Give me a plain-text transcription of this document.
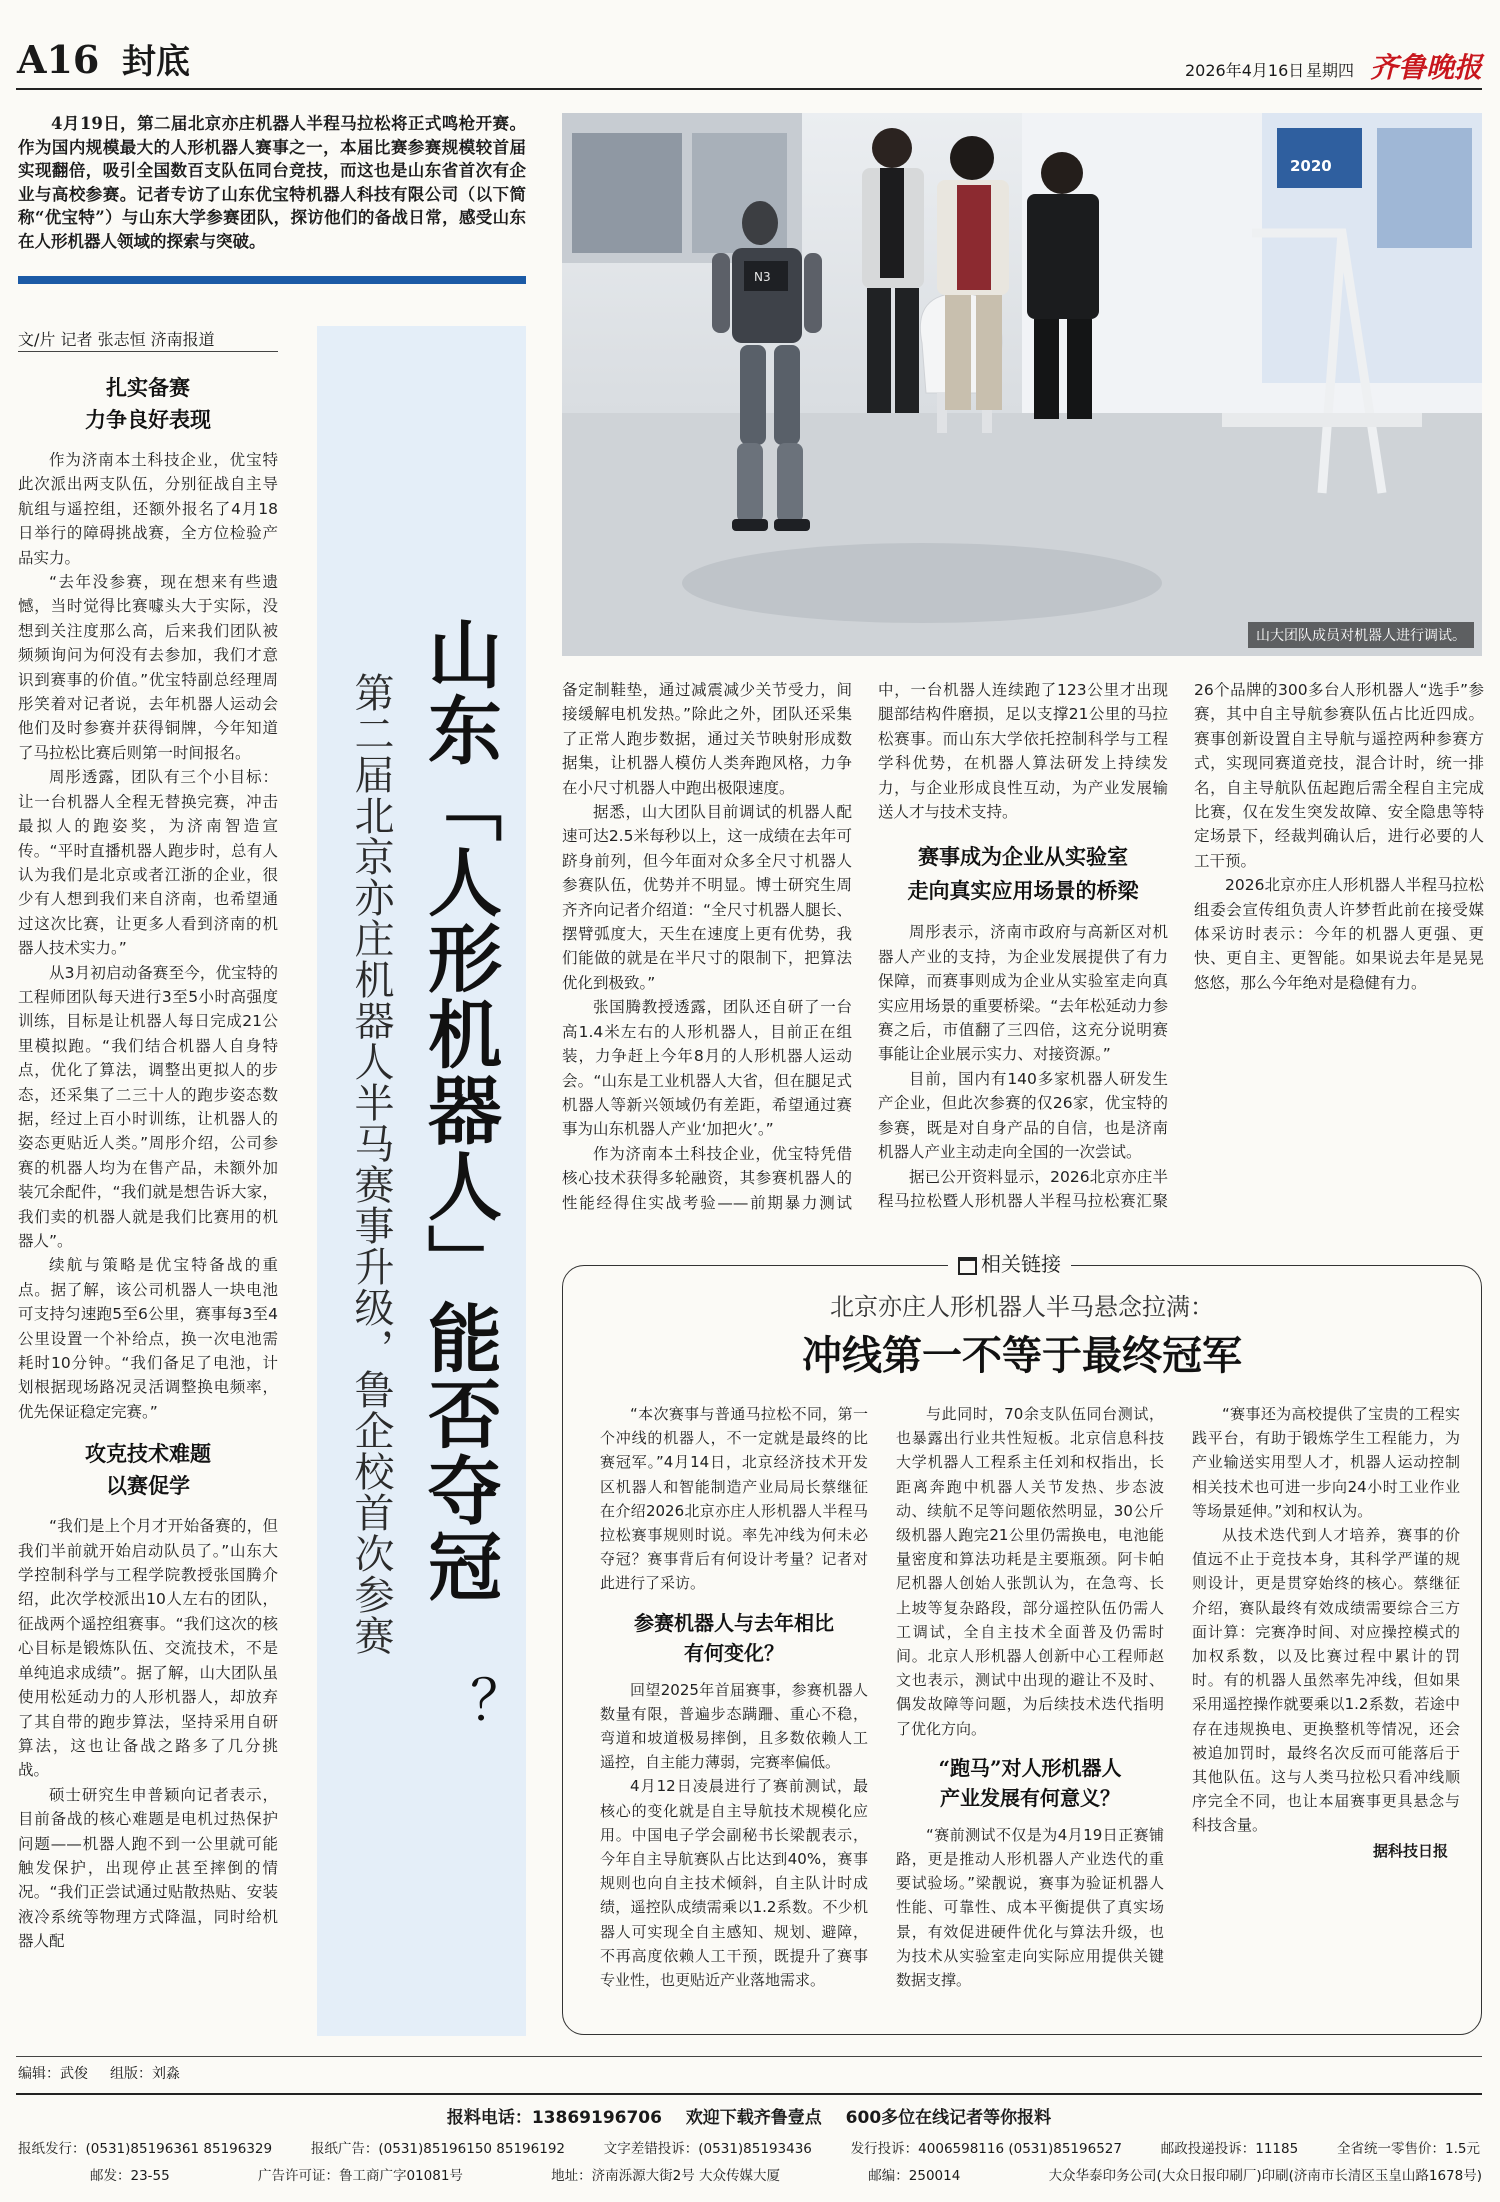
A16 封底	2026年4月16日 星期四 齐鲁晚报
4月19日，第二届北京亦庄机器人半程马拉松将正式鸣枪开赛。作为国内规模最大的人形机器人赛事之一，本届比赛参赛规模较首届实现翻倍，吸引全国数百支队伍同台竞技，而这也是山东省首次有企业与高校参赛。记者专访了山东优宝特机器人科技有限公司（以下简称“优宝特”）与山东大学参赛团队，探访他们的备战日常，感受山东在人形机器人领域的探索与突破。
2020
N3
山大团队成员对机器人进行调试。
文/片 记者 张志恒 济南报道
扎实备赛
力争良好表现

作为济南本土科技企业，优宝特此次派出两支队伍，分别征战自主导航组与遥控组，还额外报名了4月18日举行的障碍挑战赛，全方位检验产品实力。

“去年没参赛，现在想来有些遗憾，当时觉得比赛噱头大于实际，没想到关注度那么高，后来我们团队被频频询问为何没有去参加，我们才意识到赛事的价值。”优宝特副总经理周彤笑着对记者说，去年机器人运动会他们及时参赛并获得铜牌，今年知道了马拉松比赛后则第一时间报名。

周彤透露，团队有三个小目标：让一台机器人全程无替换完赛，冲击最拟人的跑姿奖，为济南智造宣传。“平时直播机器人跑步时，总有人认为我们是北京或者江浙的企业，很少有人想到我们来自济南，也希望通过这次比赛，让更多人看到济南的机器人技术实力。”

从3月初启动备赛至今，优宝特的工程师团队每天进行3至5小时高强度训练，目标是让机器人每日完成21公里模拟跑。“我们结合机器人自身特点，优化了算法，调整出更拟人的步态，还采集了二三十人的跑步姿态数据，经过上百小时训练，让机器人的姿态更贴近人类。”周彤介绍，公司参赛的机器人均为在售产品，未额外加装冗余配件，“我们就是想告诉大家，我们卖的机器人就是我们比赛用的机器人”。

续航与策略是优宝特备战的重点。据了解，该公司机器人一块电池可支持匀速跑5至6公里，赛事每3至4公里设置一个补给点，换一次电池需耗时10分钟。“我们备足了电池，计划根据现场路况灵活调整换电频率，优先保证稳定完赛。”

攻克技术难题
以赛促学

“我们是上个月才开始备赛的，但我们半前就开始启动队员了。”山东大学控制科学与工程学院教授张国腾介绍，此次学校派出10人左右的团队，征战两个遥控组赛事。“我们这次的核心目标是锻炼队伍、交流技术，不是单纯追求成绩”。据了解，山大团队虽使用松延动力的人形机器人，却放弃了其自带的跑步算法，坚持采用自研算法，这也让备战之路多了几分挑战。

硕士研究生申普颖向记者表示，目前备战的核心难题是电机过热保护问题——机器人跑不到一公里就可能触发保护，出现停止甚至摔倒的情况。“我们正尝试通过贴散热贴、安装液冷系统等物理方式降温，同时给机器人配

第二届北京亦庄机器人半马赛事升级，鲁企校首次参赛 山东「人形机器人」能否夺冠
？

备定制鞋垫，通过减震减少关节受力，间接缓解电机发热。”除此之外，团队还采集了正常人跑步数据，通过关节映射形成数据集，让机器人模仿人类奔跑风格，力争在小尺寸机器人中跑出极限速度。

据悉，山大团队目前调试的机器人配速可达2.5米每秒以上，这一成绩在去年可跻身前列，但今年面对众多全尺寸机器人参赛队伍，优势并不明显。博士研究生周齐齐向记者介绍道：“全尺寸机器人腿长、摆臂弧度大，天生在速度上更有优势，我们能做的就是在半尺寸的限制下，把算法优化到极致。”

张国腾教授透露，团队还自研了一台高1.4米左右的人形机器人，目前正在组装，力争赶上今年8月的人形机器人运动会。“山东是工业机器人大省，但在腿足式机器人等新兴领域仍有差距，希望通过赛事为山东机器人产业‘加把火’。”

作为济南本土科技企业，优宝特凭借核心技术获得多轮融资，其参赛机器人的性能经得住实战考验——前期暴力测试中，一台机器人连续跑了123公里才出现腿部结构件磨损，足以支撑21公里的马拉松赛事。而山东大学依托控制科学与工程学科优势，在机器人算法研发上持续发力，与企业形成良性互动，为产业发展输送人才与技术支持。

赛事成为企业从实验室
走向真实应用场景的桥梁

周彤表示，济南市政府与高新区对机器人产业的支持，为企业发展提供了有力保障，而赛事则成为企业从实验室走向真实应用场景的重要桥梁。“去年松延动力参赛之后，市值翻了三四倍，这充分说明赛事能让企业展示实力、对接资源。”

目前，国内有140多家机器人研发生产企业，但此次参赛的仅26家，优宝特的参赛，既是对自身产品的自信，也是济南机器人产业主动走向全国的一次尝试。

据已公开资料显示，2026北京亦庄半程马拉松暨人形机器人半程马拉松赛汇聚26个品牌的300多台人形机器人“选手”参赛，其中自主导航参赛队伍占比近四成。赛事创新设置自主导航与遥控两种参赛方式，实现同赛道竞技，混合计时，统一排名，自主导航队伍起跑后需全程自主完成比赛，仅在发生突发故障、安全隐患等特定场景下，经裁判确认后，进行必要的人工干预。

2026北京亦庄人形机器人半程马拉松组委会宣传组负责人许梦哲此前在接受媒体采访时表示：今年的机器人更强、更快、更自主、更智能。如果说去年是晃晃悠悠，那么今年绝对是稳健有力。

相关链接
北京亦庄人形机器人半马悬念拉满：
冲线第一不等于最终冠军

“本次赛事与普通马拉松不同，第一个冲线的机器人，不一定就是最终的比赛冠军。”4月14日，北京经济技术开发区机器人和智能制造产业局局长蔡继征在介绍2026北京亦庄人形机器人半程马拉松赛事规则时说。率先冲线为何未必夺冠？赛事背后有何设计考量？记者对此进行了采访。

参赛机器人与去年相比
有何变化？

回望2025年首届赛事，参赛机器人数量有限，普遍步态蹒跚、重心不稳，弯道和坡道极易摔倒，且多数依赖人工遥控，自主能力薄弱，完赛率偏低。

4月12日凌晨进行了赛前测试，最核心的变化就是自主导航技术规模化应用。中国电子学会副秘书长梁靓表示，今年自主导航赛队占比达到40%，赛事规则也向自主技术倾斜，自主队计时成绩，遥控队成绩需乘以1.2系数。不少机器人可实现全自主感知、规划、避障，不再高度依赖人工干预，既提升了赛事专业性，也更贴近产业落地需求。

与此同时，70余支队伍同台测试，也暴露出行业共性短板。北京信息科技大学机器人工程系主任刘和权指出，长距离奔跑中机器人关节发热、步态波动、续航不足等问题依然明显，30公斤级机器人跑完21公里仍需换电，电池能量密度和算法功耗是主要瓶颈。阿卡帕尼机器人创始人张凯认为，在急弯、长上坡等复杂路段，部分遥控队伍仍需人工调试，全自主技术全面普及仍需时间。北京人形机器人创新中心工程师赵文也表示，测试中出现的避让不及时、偶发故障等问题，为后续技术迭代指明了优化方向。

“跑马”对人形机器人
产业发展有何意义？

“赛前测试不仅是为4月19日正赛铺路，更是推动人形机器人产业迭代的重要试验场。”梁靓说，赛事为验证机器人性能、可靠性、成本平衡提供了真实场景，有效促进硬件优化与算法升级，也为技术从实验室走向实际应用提供关键数据支撑。

“赛事还为高校提供了宝贵的工程实践平台，有助于锻炼学生工程能力，为产业输送实用型人才，机器人运动控制相关技术也可进一步向24小时工业作业等场景延伸。”刘和权认为。

从技术迭代到人才培养，赛事的价值远不止于竞技本身，其科学严谨的规则设计，更是贯穿始终的核心。蔡继征介绍，赛队最终有效成绩需要综合三方面计算：完赛净时间、对应操控模式的加权系数，以及比赛过程中累计的罚时。有的机器人虽然率先冲线，但如果采用遥控操作就要乘以1.2系数，若途中存在违规换电、更换整机等情况，还会被追加罚时，最终名次反而可能落后于其他队伍。这与人类马拉松只看冲线顺序完全不同，也让本届赛事更具悬念与科技含量。

据科技日报
编辑：武俊 组版：刘淼
报料电话：13869196706 欢迎下载齐鲁壹点 600多位在线记者等你报料
报纸发行：(0531)85196361 85196329	报纸广告：(0531)85196150 85196192	文字差错投诉：(0531)85193436	发行投诉：4006598116 (0531)85196527	邮政投递投诉：11185	全省统一零售价：1.5元
邮发：23-55	广告许可证：鲁工商广字01081号	地址：济南泺源大街2号 大众传媒大厦	邮编：250014	大众华泰印务公司(大众日报印刷厂)印刷(济南市长清区玉皇山路1678号)
